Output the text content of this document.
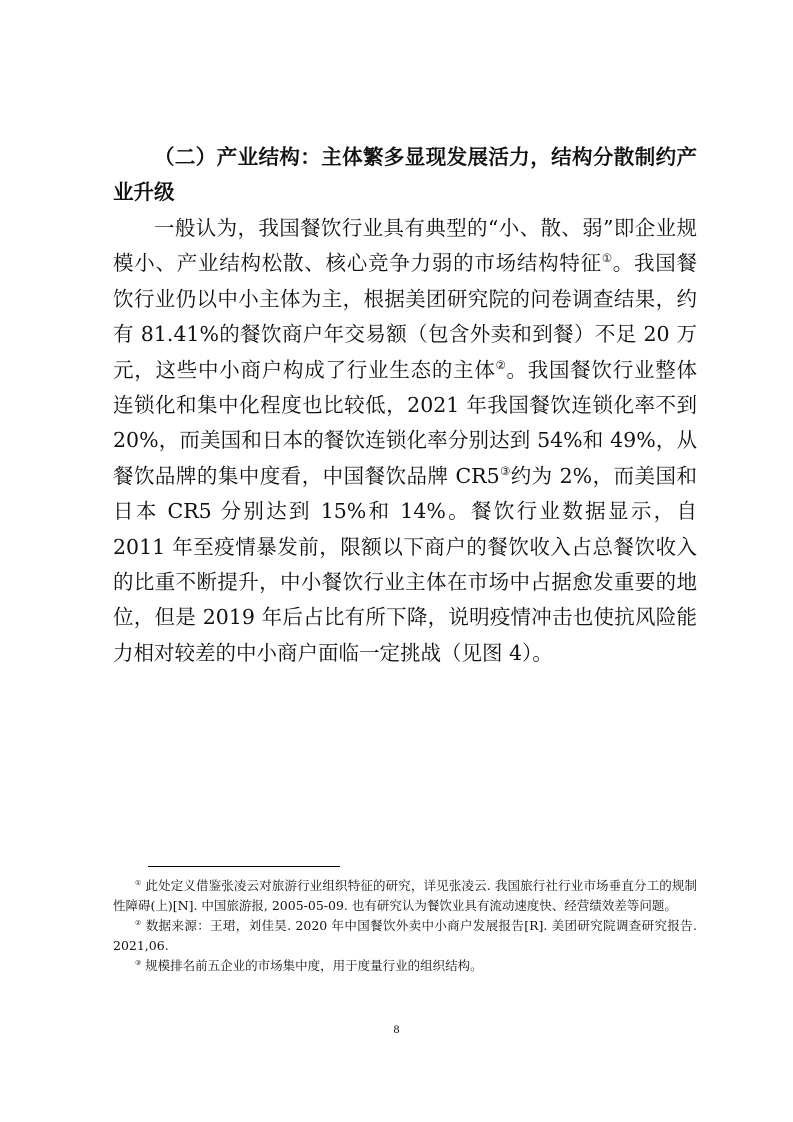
（二）产业结构：主体繁多显现发展活力，结构分散制约产业升级

一般认为，我国餐饮行业具有典型的“小、散、弱”即企业规模小、产业结构松散、核心竞争力弱的市场结构特征①。我国餐饮行业仍以中小主体为主，根据美团研究院的问卷调查结果，约有 81.41%的餐饮商户年交易额（包含外卖和到餐）不足 20 万元，这些中小商户构成了行业生态的主体②。我国餐饮行业整体连锁化和集中化程度也比较低，2021 年我国餐饮连锁化率不到 20%，而美国和日本的餐饮连锁化率分别达到 54%和 49%，从餐饮品牌的集中度看，中国餐饮品牌 CR5③约为 2%，而美国和日本 CR5 分别达到 15%和 14%。餐饮行业数据显示，自 2011 年至疫情暴发前，限额以下商户的餐饮收入占总餐饮收入的比重不断提升，中小餐饮行业主体在市场中占据愈发重要的地位，但是 2019 年后占比有所下降，说明疫情冲击也使抗风险能力相对较差的中小商户面临一定挑战（见图 4）。

① 此处定义借鉴张凌云对旅游行业组织特征的研究，详见张凌云. 我国旅行社行业市场垂直分工的规制性障碍(上)[N]. 中国旅游报, 2005-05-09. 也有研究认为餐饮业具有流动速度快、经营绩效差等问题。

② 数据来源：王珺，刘佳昊. 2020 年中国餐饮外卖中小商户发展报告[R]. 美团研究院调查研究报告. 2021,06.

③ 规模排名前五企业的市场集中度，用于度量行业的组织结构。

8
